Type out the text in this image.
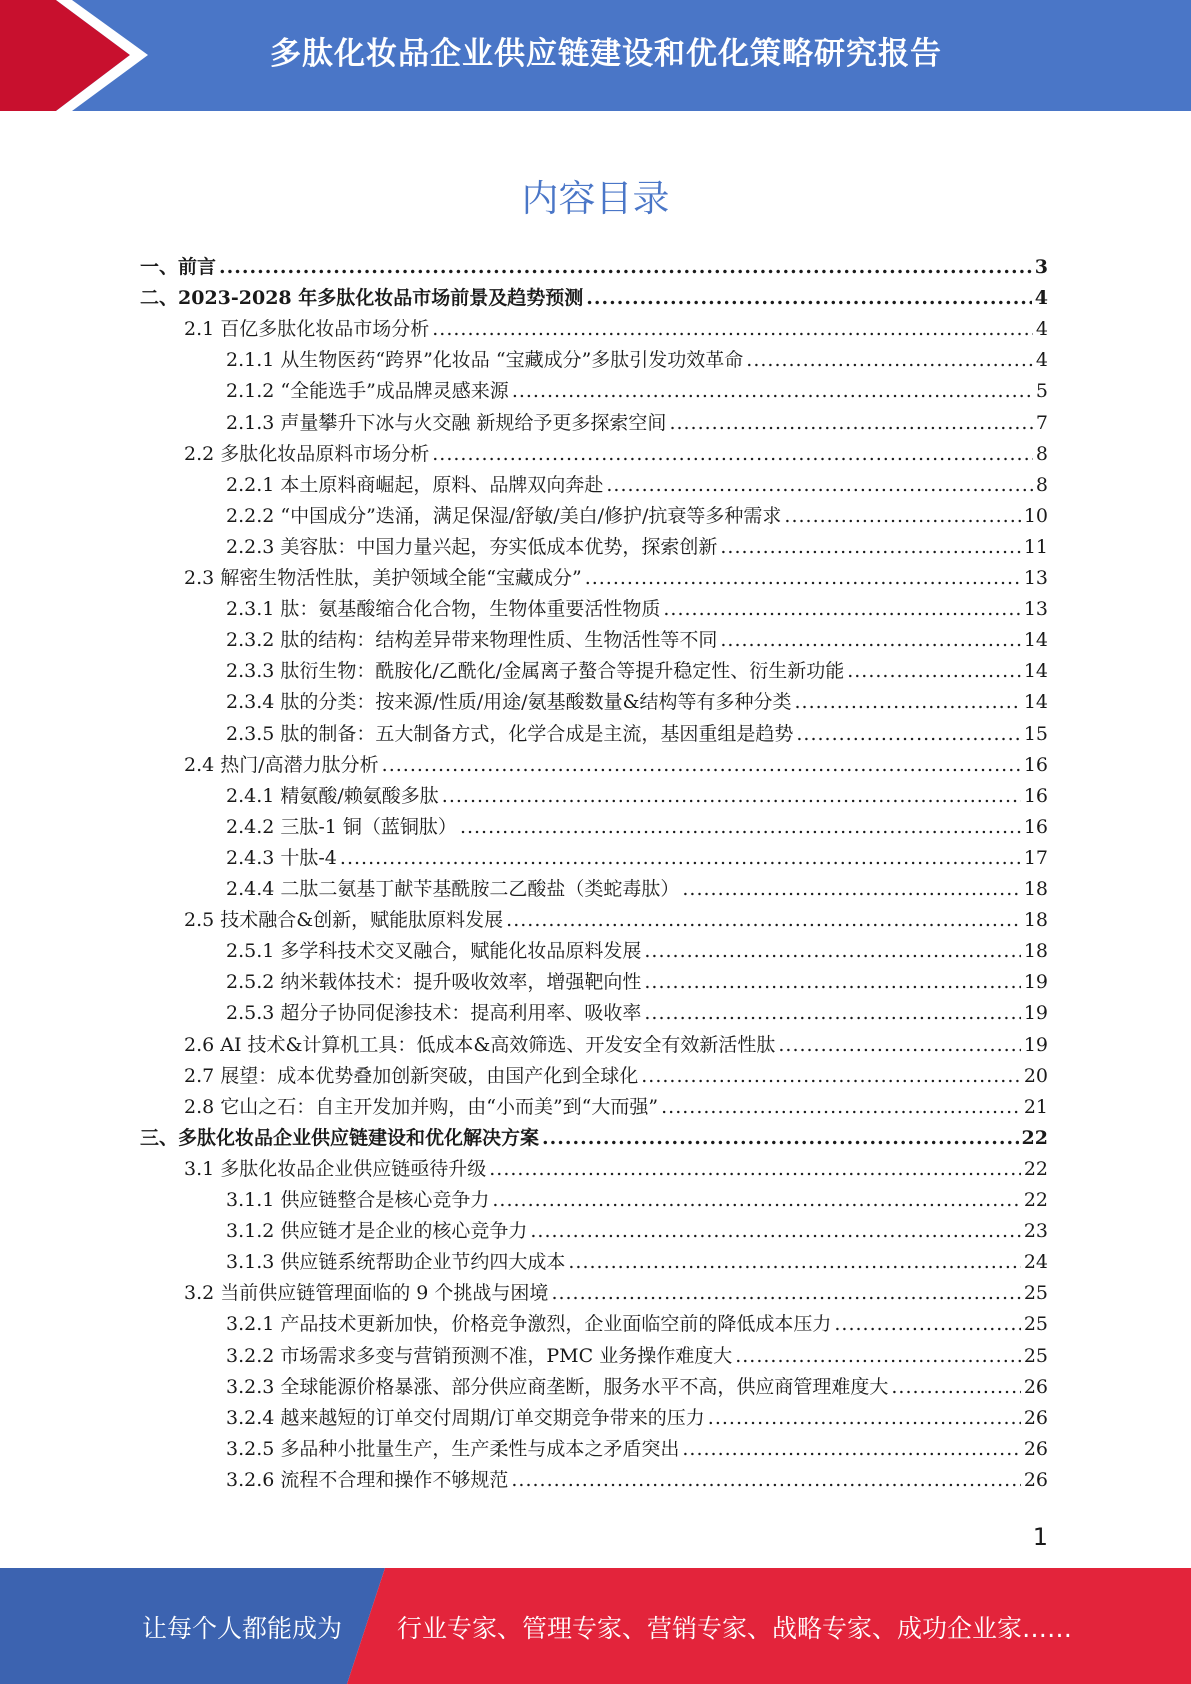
多肽化妆品企业供应链建设和优化策略研究报告
内容目录
一、前言 .....	3
二、2023-2028 年多肽化妆品市场前景及趋势预测 .....	4
2.1 百亿多肽化妆品市场分析 .....	4
2.1.1 从生物医药“跨界”化妆品 “宝藏成分”多肽引发功效革命 .....	4
2.1.2 “全能选手”成品牌灵感来源 .....	5
2.1.3 声量攀升下冰与火交融 新规给予更多探索空间 .....	7
2.2 多肽化妆品原料市场分析 .....	8
2.2.1 本土原料商崛起，原料、品牌双向奔赴 .....	8
2.2.2 “中国成分”迭涌，满足保湿/舒敏/美白/修护/抗衰等多种需求 .....	10
2.2.3 美容肽：中国力量兴起，夯实低成本优势，探索创新 .....	11
2.3 解密生物活性肽，美护领域全能“宝藏成分” .....	13
2.3.1 肽：氨基酸缩合化合物，生物体重要活性物质 .....	13
2.3.2 肽的结构：结构差异带来物理性质、生物活性等不同 .....	14
2.3.3 肽衍生物：酰胺化/乙酰化/金属离子螯合等提升稳定性、衍生新功能 .....	14
2.3.4 肽的分类：按来源/性质/用途/氨基酸数量&结构等有多种分类 .....	14
2.3.5 肽的制备：五大制备方式，化学合成是主流，基因重组是趋势 .....	15
2.4 热门/高潜力肽分析 .....	16
2.4.1 精氨酸/赖氨酸多肽 .....	16
2.4.2 三肽-1 铜（蓝铜肽） .....	16
2.4.3 十肽-4 .....	17
2.4.4 二肽二氨基丁献苄基酰胺二乙酸盐（类蛇毒肽） .....	18
2.5 技术融合&创新，赋能肽原料发展 .....	18
2.5.1 多学科技术交叉融合，赋能化妆品原料发展 .....	18
2.5.2 纳米载体技术：提升吸收效率，增强靶向性 .....	19
2.5.3 超分子协同促渗技术：提高利用率、吸收率 .....	19
2.6 AI 技术&计算机工具：低成本&高效筛选、开发安全有效新活性肽 .....	19
2.7 展望：成本优势叠加创新突破，由国产化到全球化 .....	20
2.8 它山之石：自主开发加并购，由“小而美”到“大而强” .....	21
三、多肽化妆品企业供应链建设和优化解决方案 .....	22
3.1 多肽化妆品企业供应链亟待升级 .....	22
3.1.1 供应链整合是核心竞争力 .....	22
3.1.2 供应链才是企业的核心竞争力 .....	23
3.1.3 供应链系统帮助企业节约四大成本 .....	24
3.2 当前供应链管理面临的 9 个挑战与困境 .....	25
3.2.1 产品技术更新加快，价格竞争激烈，企业面临空前的降低成本压力 .....	25
3.2.2 市场需求多变与营销预测不准，PMC 业务操作难度大 .....	25
3.2.3 全球能源价格暴涨、部分供应商垄断，服务水平不高，供应商管理难度大 .....	26
3.2.4 越来越短的订单交付周期/订单交期竞争带来的压力 .....	26
3.2.5 多品种小批量生产，生产柔性与成本之矛盾突出 .....	26
3.2.6 流程不合理和操作不够规范 .....	26
1
让每个人都能成为 行业专家、管理专家、营销专家、战略专家、成功企业家……
